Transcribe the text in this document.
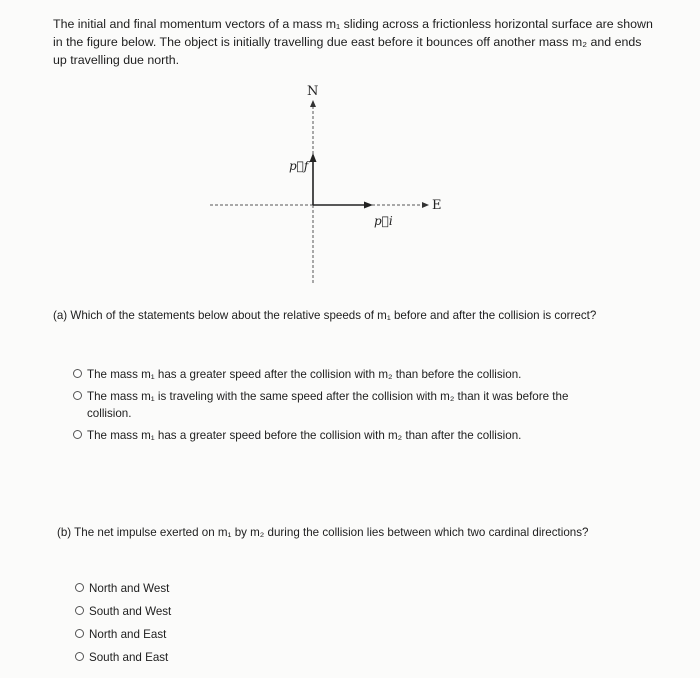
The initial and final momentum vectors of a mass m₁ sliding across a frictionless horizontal surface are shown in the figure below. The object is initially travelling due east before it bounces off another mass m₂ and ends up travelling due north.
N
E
p⃗f
p⃗i
(a) Which of the statements below about the relative speeds of m₁ before and after the collision is correct?
The mass m₁ has a greater speed after the collision with m₂ than before the collision.
The mass m₁ is traveling with the same speed after the collision with m₂ than it was before the collision.
The mass m₁ has a greater speed before the collision with m₂ than after the collision.
(b) The net impulse exerted on m₁ by m₂ during the collision lies between which two cardinal directions?
North and West
South and West
North and East
South and East
